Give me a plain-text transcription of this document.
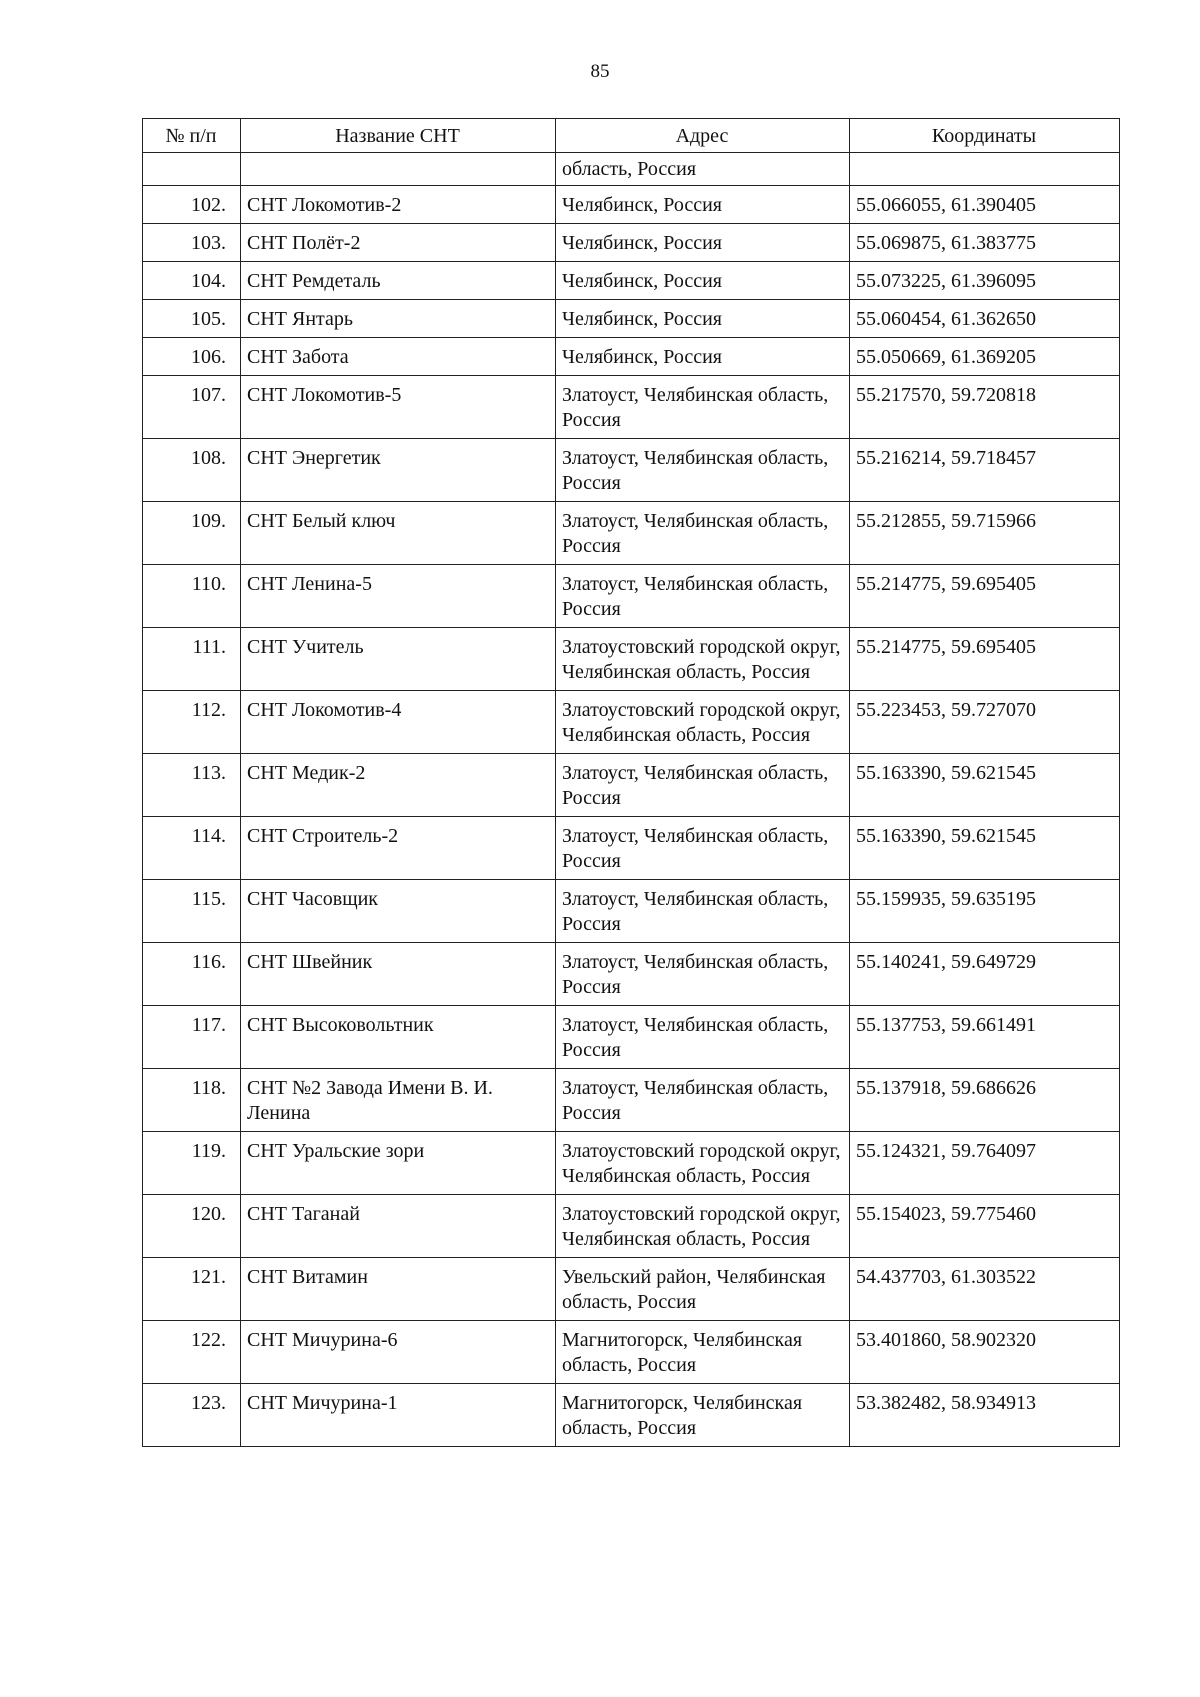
85
№ п/п	Название СНТ	Адрес	Координаты
		область, Россия	
102.	СНТ Локомотив-2	Челябинск, Россия	55.066055, 61.390405
103.	СНТ Полёт-2	Челябинск, Россия	55.069875, 61.383775
104.	СНТ Ремдеталь	Челябинск, Россия	55.073225, 61.396095
105.	СНТ Янтарь	Челябинск, Россия	55.060454, 61.362650
106.	СНТ Забота	Челябинск, Россия	55.050669, 61.369205
107.	СНТ Локомотив-5	Златоуст, Челябинская область, Россия	55.217570, 59.720818
108.	СНТ Энергетик	Златоуст, Челябинская область, Россия	55.216214, 59.718457
109.	СНТ Белый ключ	Златоуст, Челябинская область, Россия	55.212855, 59.715966
110.	СНТ Ленина-5	Златоуст, Челябинская область, Россия	55.214775, 59.695405
111.	СНТ Учитель	Златоустовский городской округ, Челябинская область, Россия	55.214775, 59.695405
112.	СНТ Локомотив-4	Златоустовский городской округ, Челябинская область, Россия	55.223453, 59.727070
113.	СНТ Медик-2	Златоуст, Челябинская область, Россия	55.163390, 59.621545
114.	СНТ Строитель-2	Златоуст, Челябинская область, Россия	55.163390, 59.621545
115.	СНТ Часовщик	Златоуст, Челябинская область, Россия	55.159935, 59.635195
116.	СНТ Швейник	Златоуст, Челябинская область, Россия	55.140241, 59.649729
117.	СНТ Высоковольтник	Златоуст, Челябинская область, Россия	55.137753, 59.661491
118.	СНТ №2 Завода Имени В. И. Ленина	Златоуст, Челябинская область, Россия	55.137918, 59.686626
119.	СНТ Уральские зори	Златоустовский городской округ, Челябинская область, Россия	55.124321, 59.764097
120.	СНТ Таганай	Златоустовский городской округ, Челябинская область, Россия	55.154023, 59.775460
121.	СНТ Витамин	Увельский район, Челябинская область, Россия	54.437703, 61.303522
122.	СНТ Мичурина-6	Магнитогорск, Челябинская область, Россия	53.401860, 58.902320
123.	СНТ Мичурина-1	Магнитогорск, Челябинская область, Россия	53.382482, 58.934913
